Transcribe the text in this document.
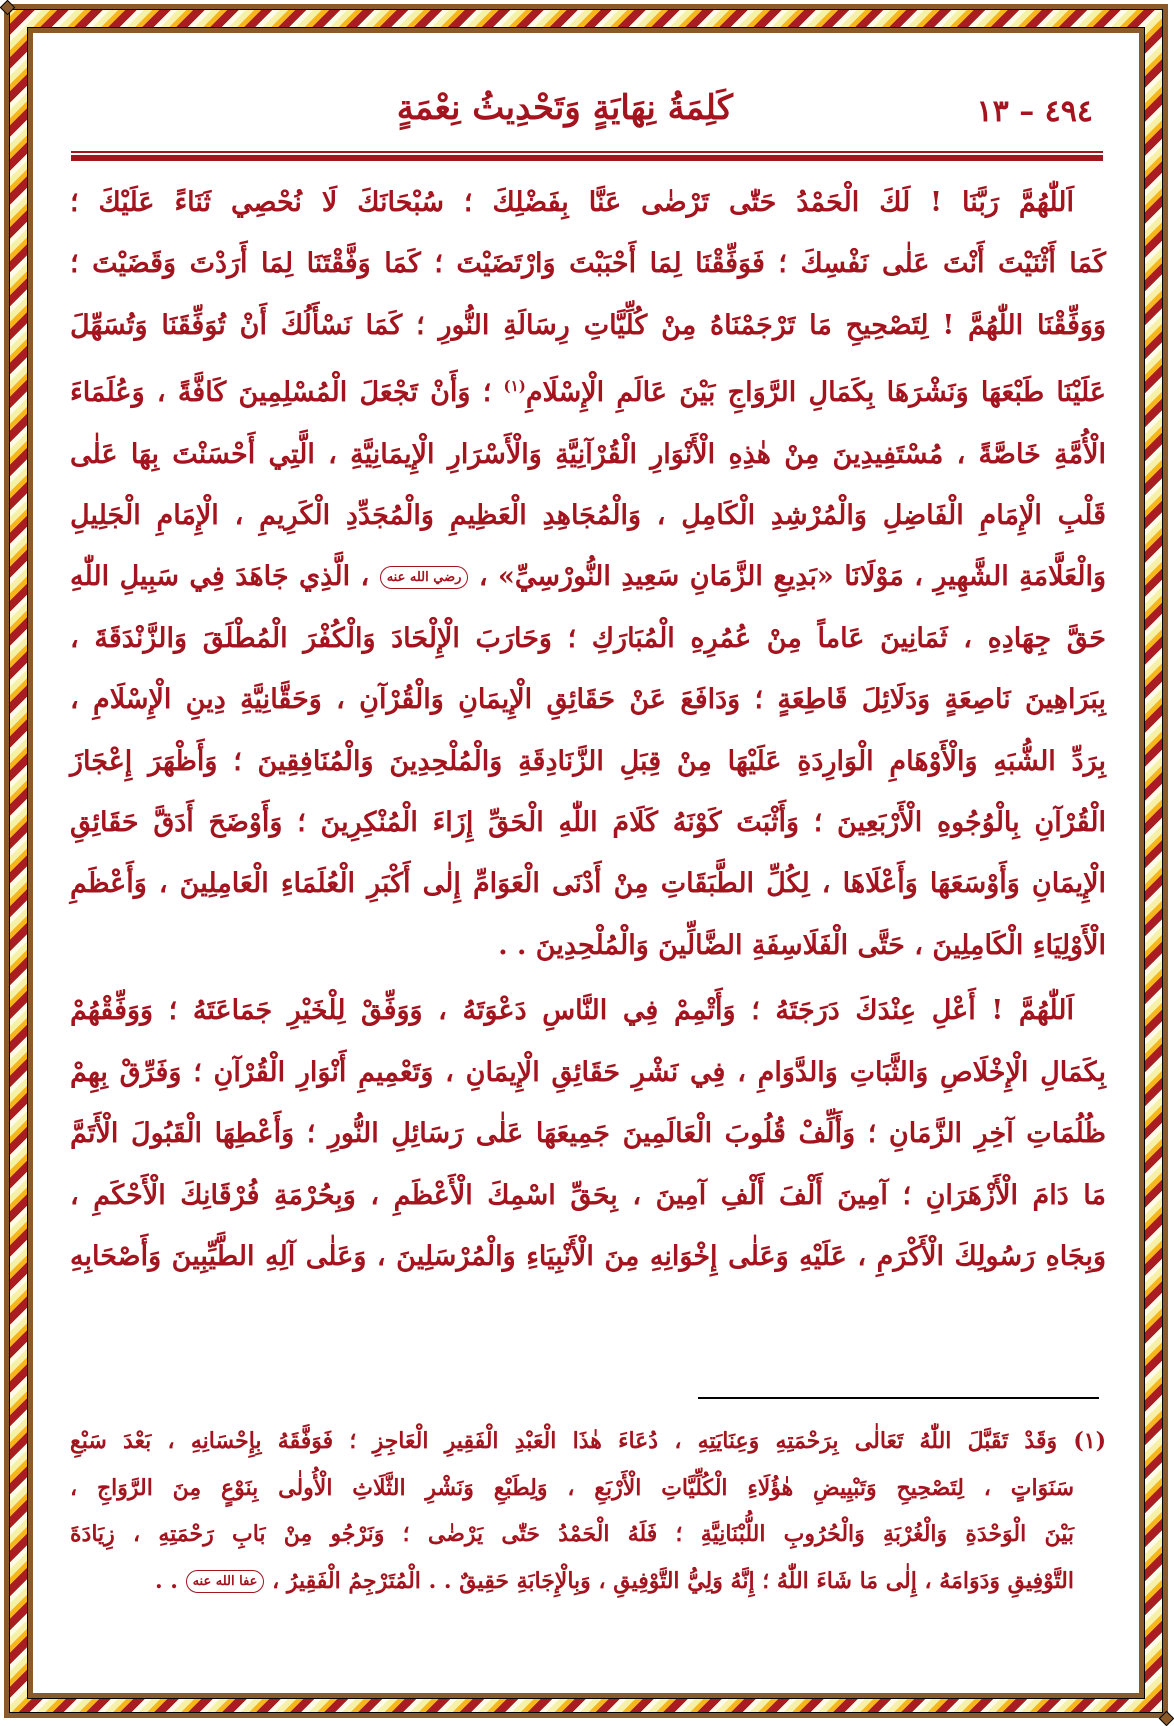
٤٩٤ – ١٣
كَلِمَةُ نِهَايَةٍ وَتَحْدِيثُ نِعْمَةٍ
اَللّٰهُمَّ رَبَّنَا ! لَكَ الْحَمْدُ حَتّٰى تَرْضٰى عَنَّا بِفَضْلِكَ ؛ سُبْحَانَكَ لَا نُحْصِي ثَنَاءً عَلَيْكَ ؛
كَمَا أَثْنَيْتَ أَنْتَ عَلٰى نَفْسِكَ ؛ فَوَفِّقْنَا لِمَا أَحْبَبْتَ وَارْتَضَيْتَ ؛ كَمَا وَفَّقْتَنَا لِمَا أَرَدْتَ وَقَضَيْتَ ؛
وَوَفِّقْنَا اللّٰهُمَّ ! لِتَصْحِيحِ مَا تَرْجَمْنَاهُ مِنْ كُلِّيَّاتِ رِسَالَةِ النُّورِ ؛ كَمَا نَسْأَلُكَ أَنْ تُوَفِّقَنَا وَتُسَهِّلَ
عَلَيْنَا طَبْعَهَا وَنَشْرَهَا بِكَمَالِ الرَّوَاجِ بَيْنَ عَالَمِ الْإِسْلَامِ$^{(١)}$ ؛ وَأَنْ تَجْعَلَ الْمُسْلِمِينَ كَافَّةً ، وَعُلَمَاءَ
الْأُمَّةِ خَاصَّةً ، مُسْتَفِيدِينَ مِنْ هٰذِهِ الْأَنْوَارِ الْقُرْآنِيَّةِ وَالْأَسْرَارِ الْإِيمَانِيَّةِ ، الَّتِي أَحْسَنْتَ بِهَا عَلٰى
قَلْبِ الْإِمَامِ الْفَاضِلِ وَالْمُرْشِدِ الْكَامِلِ ، وَالْمُجَاهِدِ الْعَظِيمِ وَالْمُجَدِّدِ الْكَرِيمِ ، الْإِمَامِ الْجَلِيلِ
وَالْعَلَّامَةِ الشَّهِيرِ ، مَوْلَانَا «بَدِيعِ الزَّمَانِ سَعِيدِ النُّورْسِيِّ» ، رضي الله عنه ، الَّذِي جَاهَدَ فِي سَبِيلِ اللّٰهِ
حَقَّ جِهَادِهِ ، ثَمَانِينَ عَاماً مِنْ عُمُرِهِ الْمُبَارَكِ ؛ وَحَارَبَ الْإِلْحَادَ وَالْكُفْرَ الْمُطْلَقَ وَالزَّنْدَقَةَ ،
بِبَرَاهِينَ نَاصِعَةٍ وَدَلَائِلَ قَاطِعَةٍ ؛ وَدَافَعَ عَنْ حَقَائِقِ الْإِيمَانِ وَالْقُرْآنِ ، وَحَقَّانِيَّةِ دِينِ الْإِسْلَامِ ،
بِرَدِّ الشُّبَهِ وَالْأَوْهَامِ الْوَارِدَةِ عَلَيْهَا مِنْ قِبَلِ الزَّنَادِقَةِ وَالْمُلْحِدِينَ وَالْمُنَافِقِينَ ؛ وَأَظْهَرَ إِعْجَازَ
الْقُرْآنِ بِالْوُجُوهِ الْأَرْبَعِينَ ؛ وَأَثْبَتَ كَوْنَهُ كَلَامَ اللّٰهِ الْحَقِّ إِزَاءَ الْمُنْكِرِينَ ؛ وَأَوْضَحَ أَدَقَّ حَقَائِقِ
الْإِيمَانِ وَأَوْسَعَهَا وَأَعْلَاهَا ، لِكُلِّ الطَّبَقَاتِ مِنْ أَدْنَى الْعَوَامِّ إِلٰى أَكْبَرِ الْعُلَمَاءِ الْعَامِلِينَ ، وَأَعْظَمِ
الْأَوْلِيَاءِ الْكَامِلِينَ ، حَتَّى الْفَلَاسِفَةِ الضَّالِّينَ وَالْمُلْحِدِينَ . .
اَللّٰهُمَّ ! أَعْلِ عِنْدَكَ دَرَجَتَهُ ؛ وَأَتْمِمْ فِي النَّاسِ دَعْوَتَهُ ، وَوَفِّقْ لِلْخَيْرِ جَمَاعَتَهُ ؛ وَوَفِّقْهُمْ
بِكَمَالِ الْإِخْلَاصِ وَالثَّبَاتِ وَالدَّوَامِ ، فِي نَشْرِ حَقَائِقِ الْإِيمَانِ ، وَتَعْمِيمِ أَنْوَارِ الْقُرْآنِ ؛ وَفَرِّقْ بِهِمْ
ظُلُمَاتِ آخِرِ الزَّمَانِ ؛ وَأَلِّفْ قُلُوبَ الْعَالَمِينَ جَمِيعَهَا عَلٰى رَسَائِلِ النُّورِ ؛ وَأَعْطِهَا الْقَبُولَ الْأَتَمَّ
مَا دَامَ الْأَزْهَرَانِ ؛ آمِينَ أَلْفَ أَلْفِ آمِينَ ، بِحَقِّ اسْمِكَ الْأَعْظَمِ ، وَبِحُرْمَةِ فُرْقَانِكَ الْأَحْكَمِ ،
وَبِجَاهِ رَسُولِكَ الْأَكْرَمِ ، عَلَيْهِ وَعَلٰى إِخْوَانِهِ مِنَ الْأَنْبِيَاءِ وَالْمُرْسَلِينَ ، وَعَلٰى آلِهِ الطَّيِّبِينَ وَأَصْحَابِهِ
(١) وَقَدْ تَقَبَّلَ اللّٰهُ تَعَالٰى بِرَحْمَتِهِ وَعِنَايَتِهِ ، دُعَاءَ هٰذَا الْعَبْدِ الْفَقِيرِ الْعَاجِزِ ؛ فَوَفَّقَهُ بِإِحْسَانِهِ ، بَعْدَ سَبْعِ
سَنَوَاتٍ ، لِتَصْحِيحِ وَتَبْيِيضِ هٰؤُلَاءِ الْكُلِّيَّاتِ الْأَرْبَعِ ، وَلِطَبْعِ وَنَشْرِ الثَّلَاثِ الْأُولٰى بِنَوْعٍ مِنَ الرَّوَاجِ ،
بَيْنَ الْوَحْدَةِ وَالْغُرْبَةِ وَالْحُرُوبِ اللُّبْنَانِيَّةِ ؛ فَلَهُ الْحَمْدُ حَتّٰى يَرْضٰى ؛ وَنَرْجُو مِنْ بَابِ رَحْمَتِهِ ، زِيَادَةَ
التَّوْفِيقِ وَدَوَامَهُ ، إِلٰى مَا شَاءَ اللّٰهُ ؛ إِنَّهُ وَلِيُّ التَّوْفِيقِ ، وَبِالْإِجَابَةِ حَقِيقٌ . . الْمُتَرْجِمُ الْفَقِيرُ ، عفا الله عنه . .
